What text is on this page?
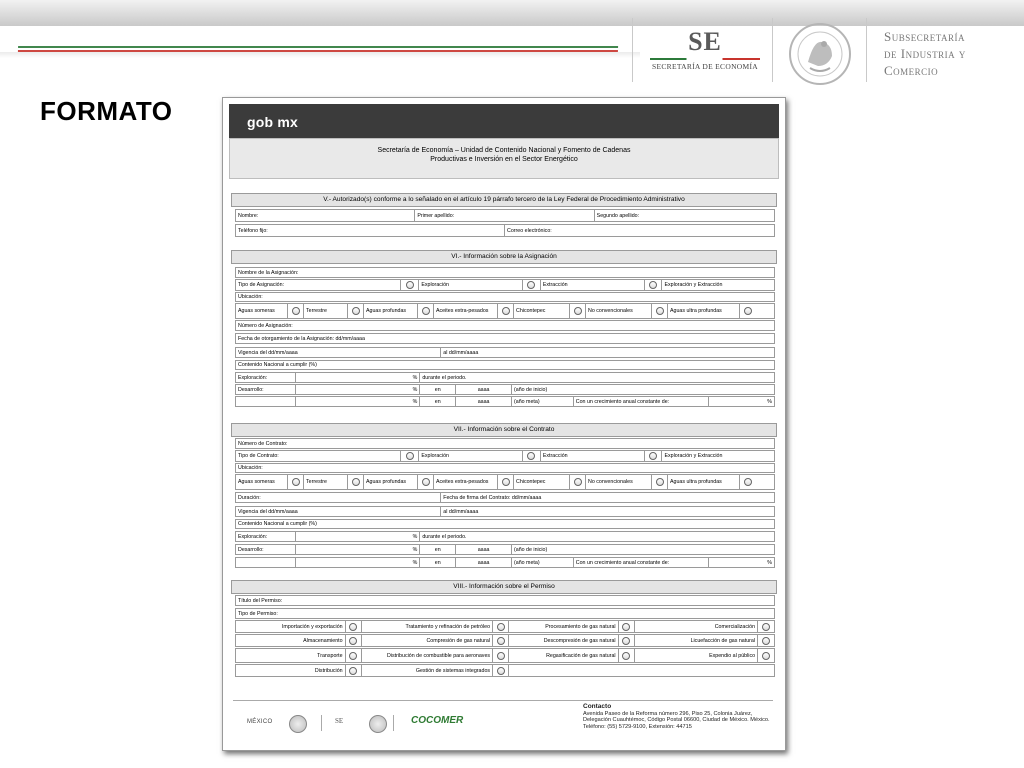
SE
SECRETARÍA DE ECONOMÍA
Subsecretaría
de Industria y
Comercio
FORMATO	gob mx
Secretaría de Economía – Unidad de Contenido Nacional y Fomento de Cadenas
Productivas e Inversión en el Sector Energético
V.- Autorizado(s) conforme a lo señalado en el artículo 19 párrafo tercero de la Ley Federal de Procedimiento Administrativo
Nombre:	Primer apellido:	Segundo apellido:
Teléfono fijo:	Correo electrónico:
VI.- Información sobre la Asignación
Nombre de la Asignación:
Tipo de Asignación:	Exploración	Extracción	Exploración y Extracción
Ubicación:
Aguas someras	Terrestre	Aguas profundas	Aceites extra-pesados	Chicontepec	No convencionales	Aguas ultra profundas
Número de Asignación:
Fecha de otorgamiento de la Asignación: dd/mm/aaaa
Vigencia del dd/mm/aaaa	al dd/mm/aaaa
Contenido Nacional a cumplir (%)
Exploración:	% durante el periodo.
Desarrollo:	%	en	aaaa	(año de inicio)
%	en	aaaa	(año meta)	Con un crecimiento anual constante de:	%
VII.- Información sobre el Contrato
Número de Contrato:
Tipo de Contrato:	Exploración	Extracción	Exploración y Extracción
Ubicación:
Aguas someras	Terrestre	Aguas profundas	Aceites extra-pesados	Chicontepec	No convencionales	Aguas ultra profundas
Duración:	Fecha de firma del Contrato: dd/mm/aaaa
Vigencia del dd/mm/aaaa	al dd/mm/aaaa
Contenido Nacional a cumplir (%)
Exploración:	% durante el periodo.
Desarrollo:	%	en	aaaa	(año de inicio)
%	en	aaaa	(año meta)	Con un crecimiento anual constante de:	%
VIII.- Información sobre el Permiso
Título del Permiso:
Tipo de Permiso:
Importación y exportación	Tratamiento y refinación de petróleo	Procesamiento de gas natural	Comercialización
Almacenamiento	Compresión de gas natural	Descompresión de gas natural	Licuefacción de gas natural
Transporte	Distribución de combustible para aeronaves	Regasificación de gas natural	Expendio al público
Distribución	Gestión de sistemas integrados
MÉXICO	SE	COCOMER
Contacto
Avenida Paseo de la Reforma número 296, Piso 25, Colonia Juárez, Delegación Cuauhtémoc, Código Postal 06600, Ciudad de México. México. Teléfono: (55) 5729-9100, Extensión: 44715
